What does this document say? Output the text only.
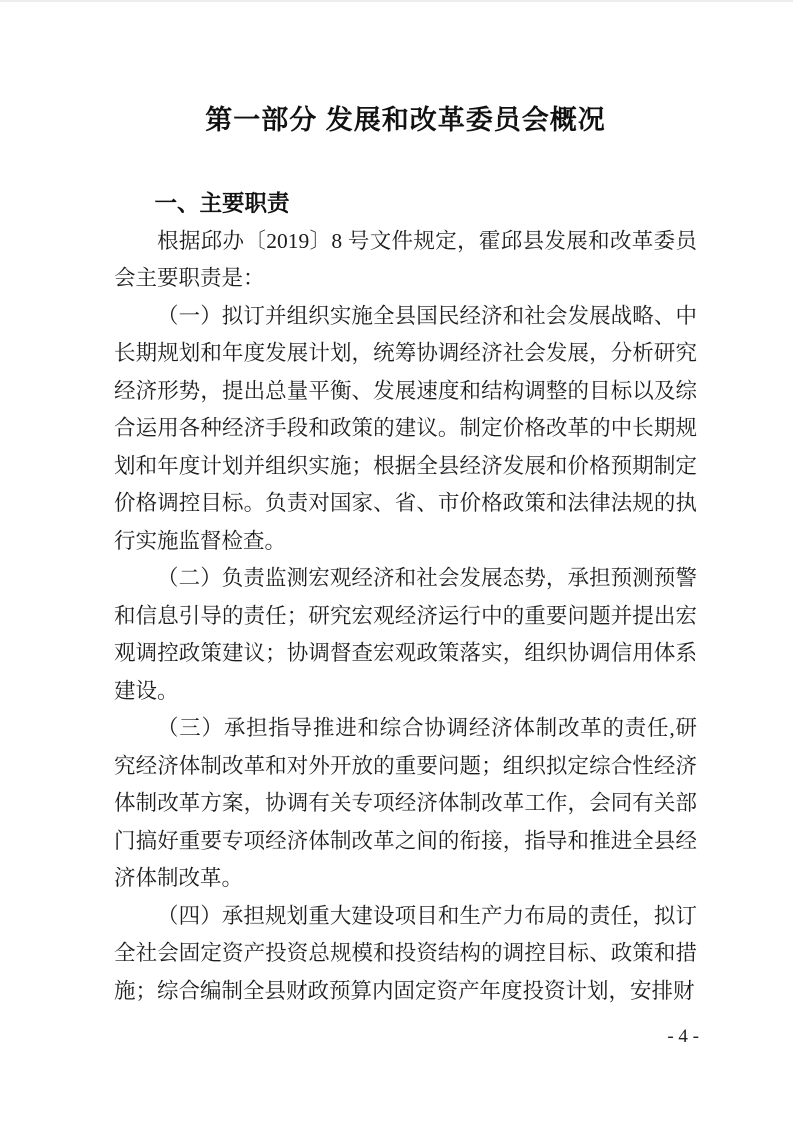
第一部分 发展和改革委员会概况
一、主要职责

根据邱办〔2019〕8 号文件规定，霍邱县发展和改革委员会主要职责是：

（一）拟订并组织实施全县国民经济和社会发展战略、中长期规划和年度发展计划，统筹协调经济社会发展，分析研究经济形势，提出总量平衡、发展速度和结构调整的目标以及综合运用各种经济手段和政策的建议。制定价格改革的中长期规划和年度计划并组织实施；根据全县经济发展和价格预期制定价格调控目标。负责对国家、省、市价格政策和法律法规的执行实施监督检查。

（二）负责监测宏观经济和社会发展态势，承担预测预警和信息引导的责任；研究宏观经济运行中的重要问题并提出宏观调控政策建议；协调督查宏观政策落实，组织协调信用体系建设。

（三）承担指导推进和综合协调经济体制改革的责任,研究经济体制改革和对外开放的重要问题；组织拟定综合性经济体制改革方案，协调有关专项经济体制改革工作，会同有关部门搞好重要专项经济体制改革之间的衔接，指导和推进全县经济体制改革。

（四）承担规划重大建设项目和生产力布局的责任，拟订全社会固定资产投资总规模和投资结构的调控目标、政策和措施；综合编制全县财政预算内固定资产年度投资计划，安排财

- 4 -
